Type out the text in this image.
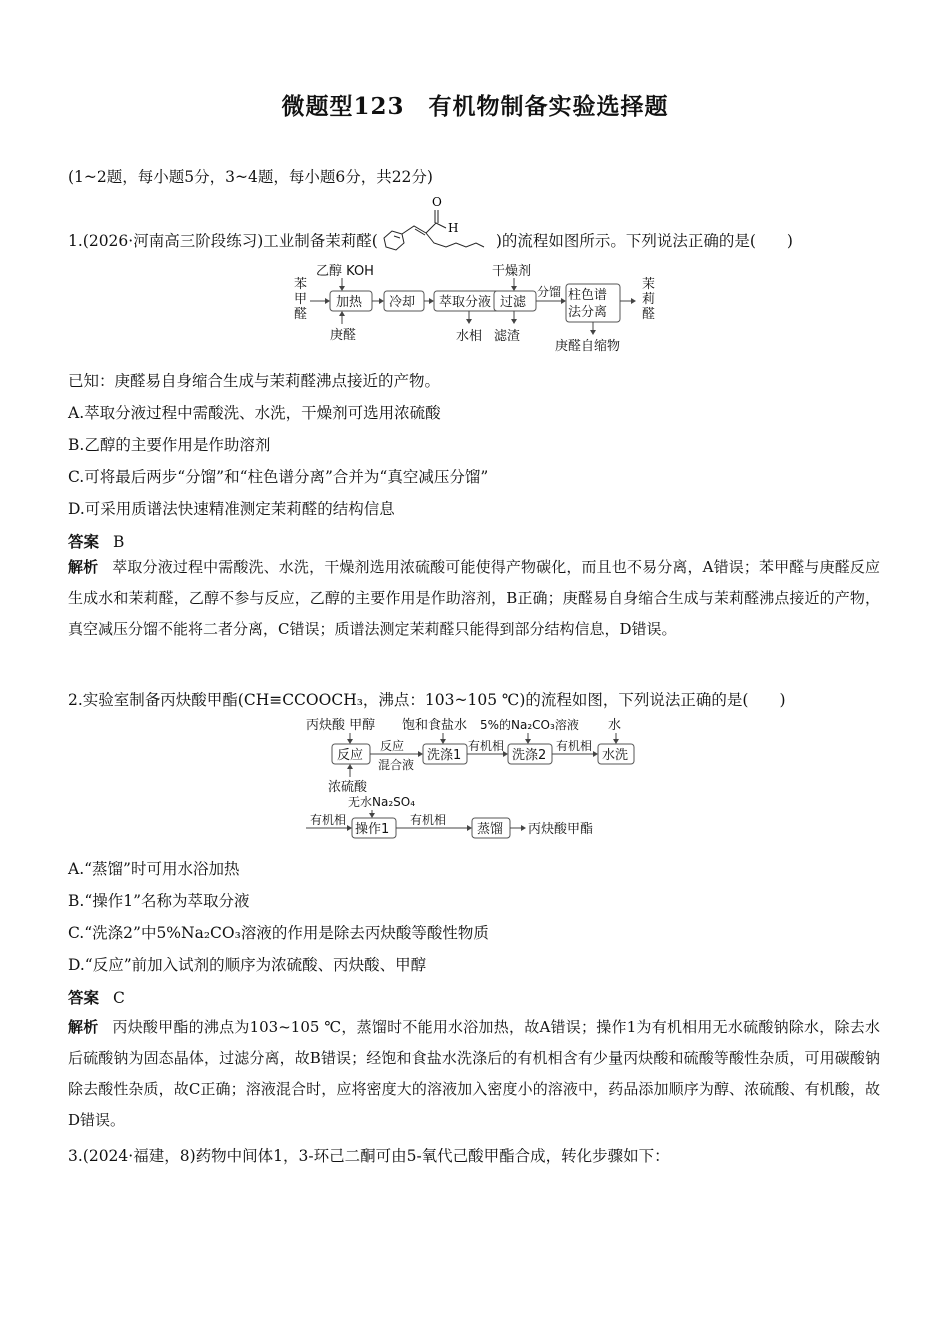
微题型123　有机物制备实验选择题
(1~2题，每小题5分，3~4题，每小题6分，共22分)
1.(2026·河南高三阶段练习)工业制备茉莉醛(
O
H
)的流程如图所示。下列说法正确的是(　　)
苯甲醛
乙醇 KOH
加热
庚醛
冷却 萃取分液
水相
干燥剂
过滤
滤渣
分馏 柱色谱
法分离
庚醛自缩物
茉莉醛
已知：庚醛易自身缩合生成与茉莉醛沸点接近的产物。
A.萃取分液过程中需酸洗、水洗，干燥剂可选用浓硫酸
B.乙醇的主要作用是作助溶剂
C.可将最后两步“分馏”和“柱色谱分离”合并为“真空减压分馏”
D.可采用质谱法快速精准测定茉莉醛的结构信息
答案 B
解析 萃取分液过程中需酸洗、水洗，干燥剂选用浓硫酸可能使得产物碳化，而且也不易分离，A错误；苯甲醛与庚醛反应生成水和茉莉醛，乙醇不参与反应，乙醇的主要作用是作助溶剂，B正确；庚醛易自身缩合生成与茉莉醛沸点接近的产物，真空减压分馏不能将二者分离，C错误；质谱法测定茉莉醛只能得到部分结构信息，D错误。
2.实验室制备丙炔酸甲酯(CH≡CCOOCH₃，沸点：103~105 ℃)的流程如图，下列说法正确的是(　　)
丙炔酸 甲醇 饱和食盐水 5%的Na₂CO₃溶液 水
反应
浓硫酸
反应
混合液
洗涤1
有机相
洗涤2
有机相
水洗
无水Na₂SO₄
有机相
操作1
有机相
蒸馏 丙炔酸甲酯
A.“蒸馏”时可用水浴加热
B.“操作1”名称为萃取分液
C.“洗涤2”中5%Na₂CO₃溶液的作用是除去丙炔酸等酸性物质
D.“反应”前加入试剂的顺序为浓硫酸、丙炔酸、甲醇
答案 C
解析 丙炔酸甲酯的沸点为103~105 ℃，蒸馏时不能用水浴加热，故A错误；操作1为有机相用无水硫酸钠除水，除去水后硫酸钠为固态晶体，过滤分离，故B错误；经饱和食盐水洗涤后的有机相含有少量丙炔酸和硫酸等酸性杂质，可用碳酸钠除去酸性杂质，故C正确；溶液混合时，应将密度大的溶液加入密度小的溶液中，药品添加顺序为醇、浓硫酸、有机酸，故D错误。
3.(2024·福建，8)药物中间体1，3-环己二酮可由5-氧代己酸甲酯合成，转化步骤如下：
